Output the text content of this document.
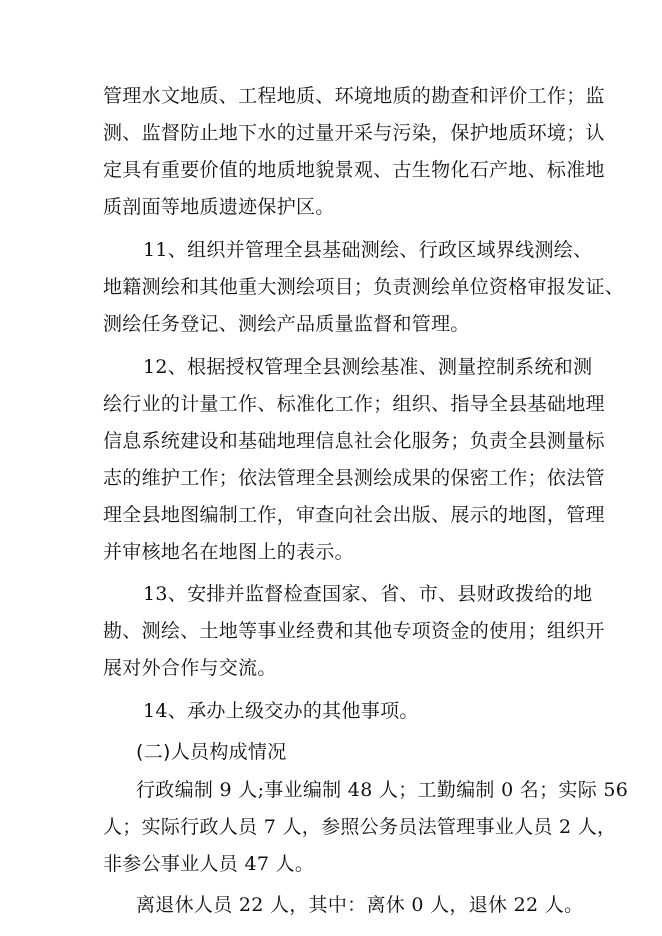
管理水文地质、工程地质、环境地质的勘查和评价工作；监
测、监督防止地下水的过量开采与污染，保护地质环境；认
定具有重要价值的地质地貌景观、古生物化石产地、标准地
质剖面等地质遗迹保护区。
11、组织并管理全县基础测绘、行政区域界线测绘、
地籍测绘和其他重大测绘项目；负责测绘单位资格审报发证、
测绘任务登记、测绘产品质量监督和管理。
12、根据授权管理全县测绘基准、测量控制系统和测
绘行业的计量工作、标准化工作；组织、指导全县基础地理
信息系统建设和基础地理信息社会化服务；负责全县测量标
志的维护工作；依法管理全县测绘成果的保密工作；依法管
理全县地图编制工作，审查向社会出版、展示的地图，管理
并审核地名在地图上的表示。
13、安排并监督检查国家、省、市、县财政拨给的地
勘、测绘、土地等事业经费和其他专项资金的使用；组织开
展对外合作与交流。
14、承办上级交办的其他事项。
(二)人员构成情况
行政编制 9 人;事业编制 48 人；工勤编制 0 名；实际 56
人；实际行政人员 7 人，参照公务员法管理事业人员 2 人，
非参公事业人员 47 人。
离退休人员 22 人，其中：离休 0 人，退休 22 人。
